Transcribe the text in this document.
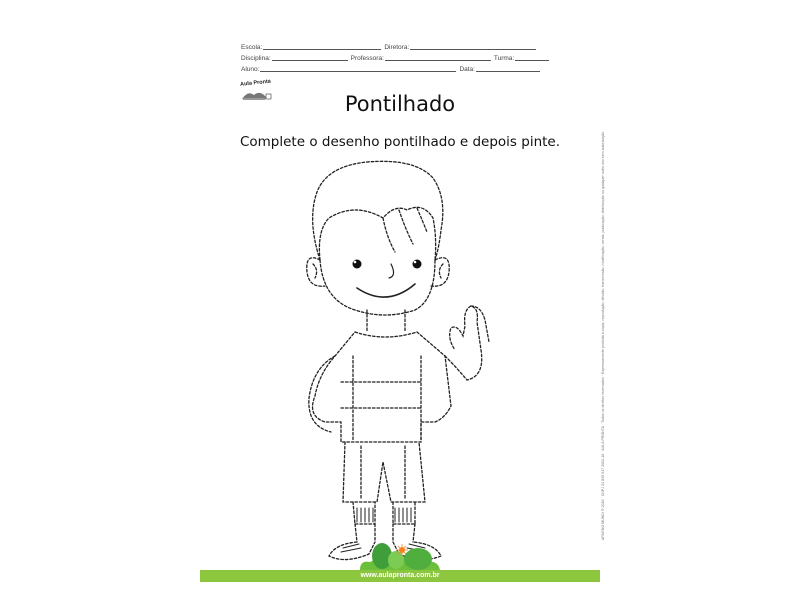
Escola:	Diretora:
Disciplina:	Professora:	Turma:
Aluno:	Data:
Aula Pronta
Pontilhado
Complete o desenho pontilhado e depois pinte.
www.aulapronta.com.br
APAGNO MUNDI ® 2018 · CNPJ 24.835.017 2002-16 · AULA PRONTA · Todos os direitos reservados · Expressamente proibida a cópia, reprodução, difusão, transmissão, modificação, venda, publicação, distribuição ou qualquer outro uso sem autorização.
